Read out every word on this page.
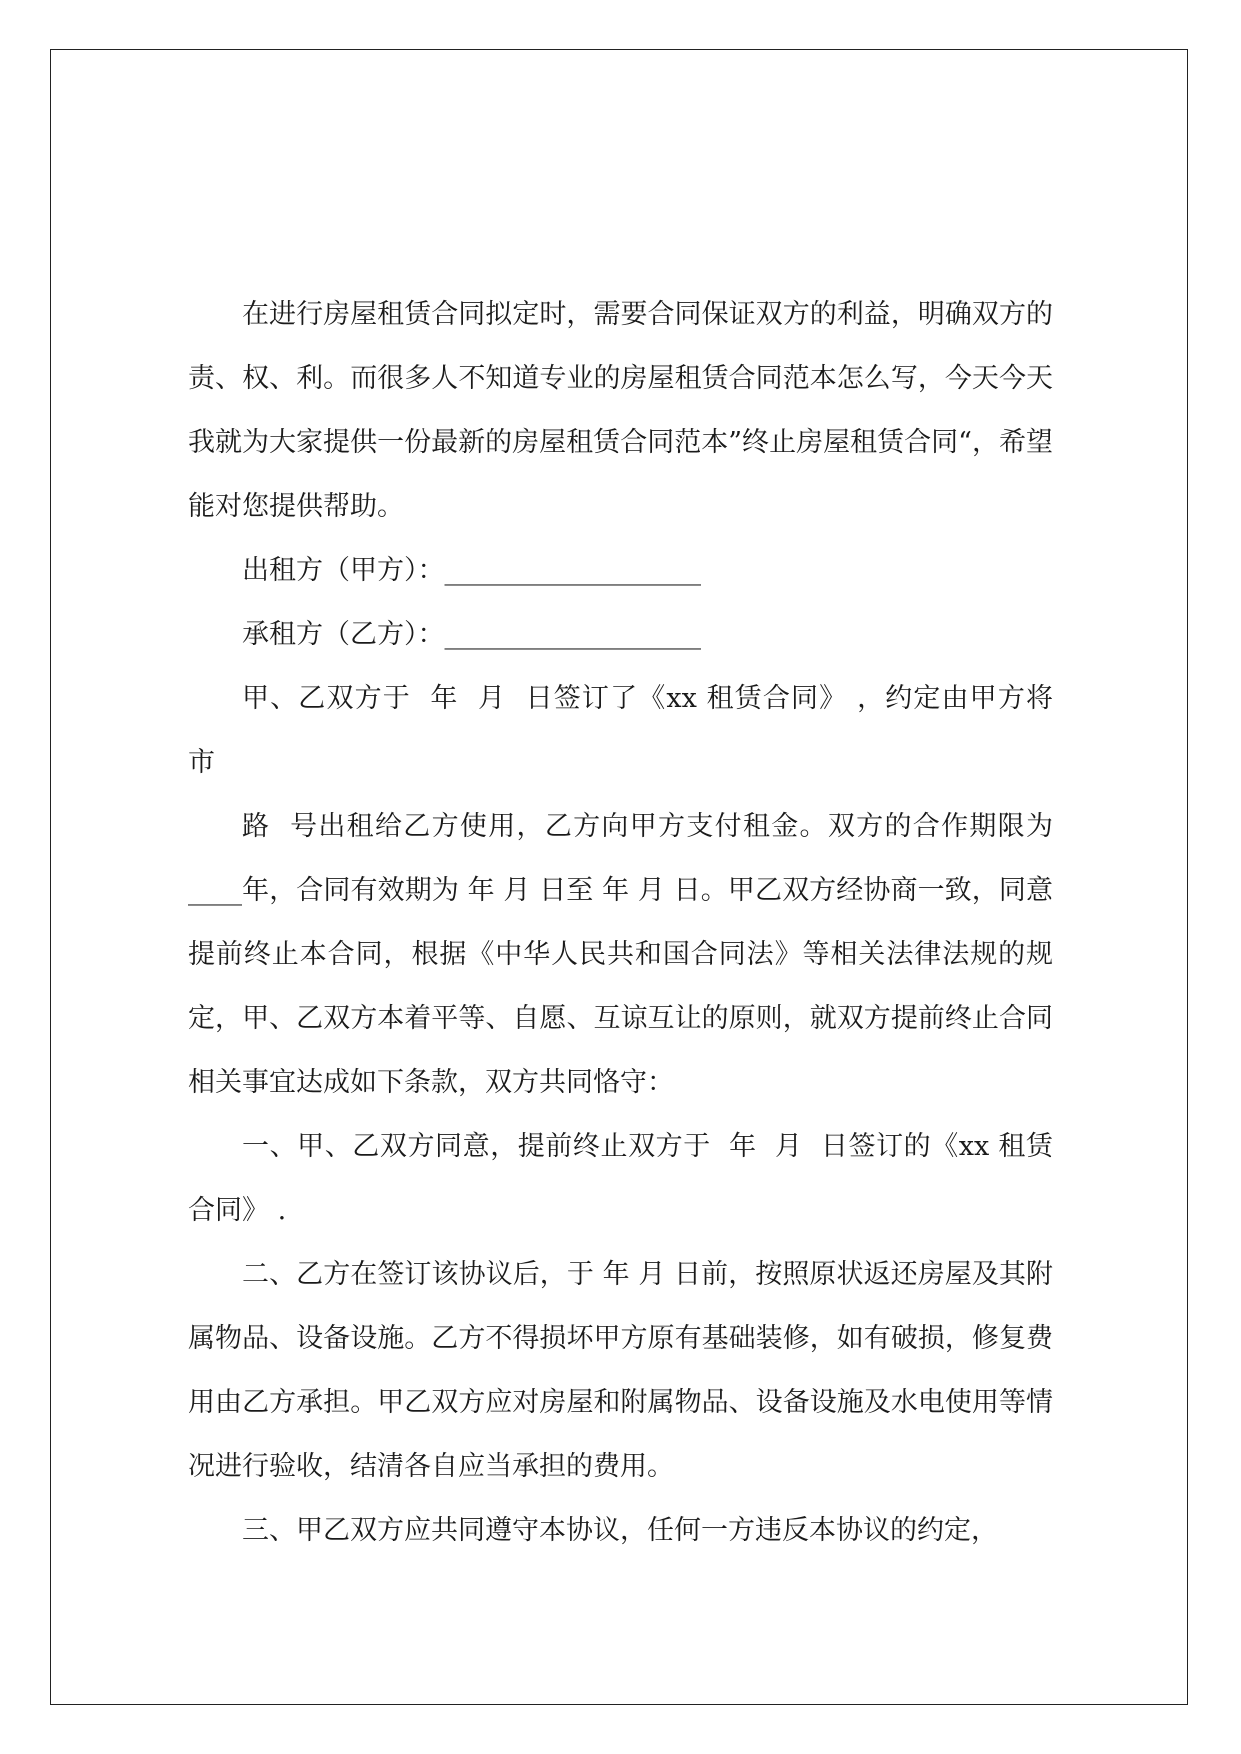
在进行房屋租赁合同拟定时，需要合同保证双方的利益，明确双方的责、权、利。而很多人不知道专业的房屋租赁合同范本怎么写，今天今天我就为大家提供一份最新的房屋租赁合同范本”终止房屋租赁合同“，希望能对您提供帮助。

出租方（甲方）：___________________

承租方（乙方）：___________________

甲、乙双方于  年  月  日签订了《xx 租赁合同》 ，约定由甲方将  市

路  号出租给乙方使用，乙方向甲方支付租金。双方的合作期限为 ____年，合同有效期为 年 月 日至 年 月 日。甲乙双方经协商一致，同意提前终止本合同，根据《中华人民共和国合同法》等相关法律法规的规定，甲、乙双方本着平等、自愿、互谅互让的原则，就双方提前终止合同相关事宜达成如下条款，双方共同恪守：

一、甲、乙双方同意，提前终止双方于  年  月  日签订的《xx 租赁合同》 .

二、乙方在签订该协议后，于 年 月 日前，按照原状返还房屋及其附属物品、设备设施。乙方不得损坏甲方原有基础装修，如有破损，修复费用由乙方承担。甲乙双方应对房屋和附属物品、设备设施及水电使用等情况进行验收，结清各自应当承担的费用。

三、甲乙双方应共同遵守本协议，任何一方违反本协议的约定，
